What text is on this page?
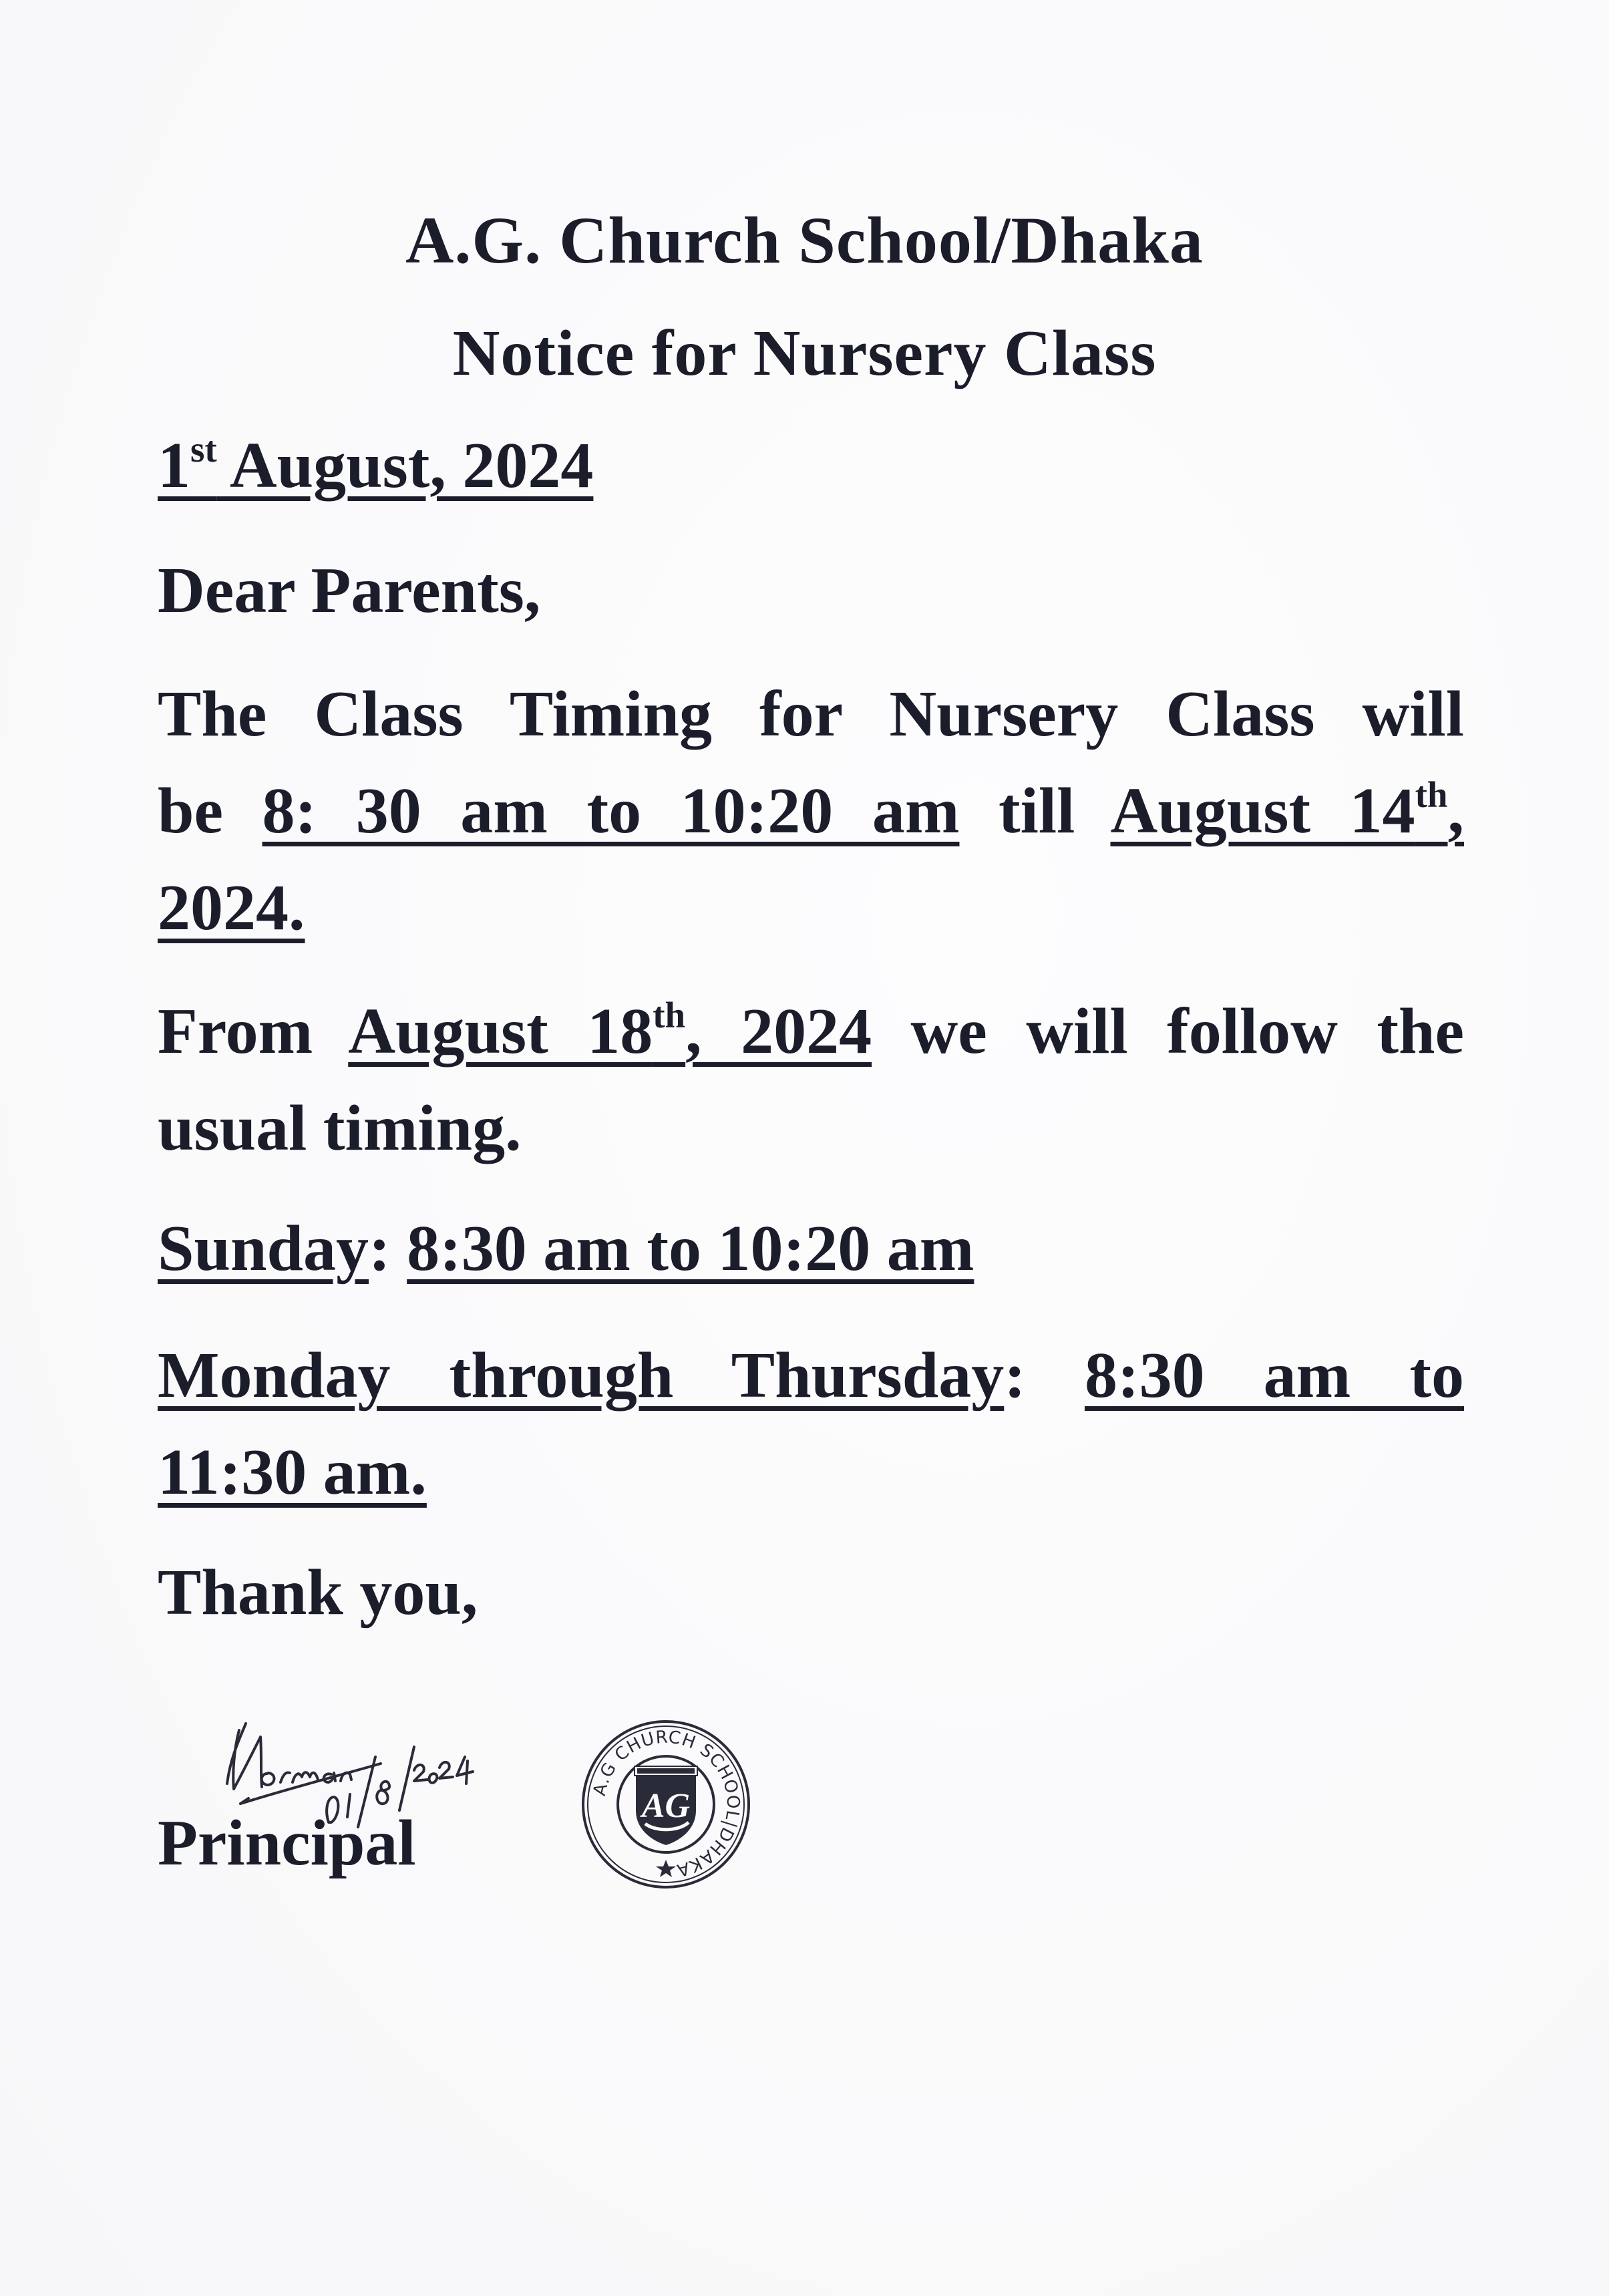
A.G. Church School/Dhaka
Notice for Nursery Class
1st August, 2024
Dear Parents,
The Class Timing for Nursery Class will
be 8: 30 am to 10:20 am till August 14th,
2024.
From August 18th, 2024 we will follow the
usual timing.
Sunday: 8:30 am to 10:20 am
Monday through Thursday: 8:30 am to
11:30 am.
Thank you,
Principal
A.G CHURCH SCHOOL|DHAKA
AG
